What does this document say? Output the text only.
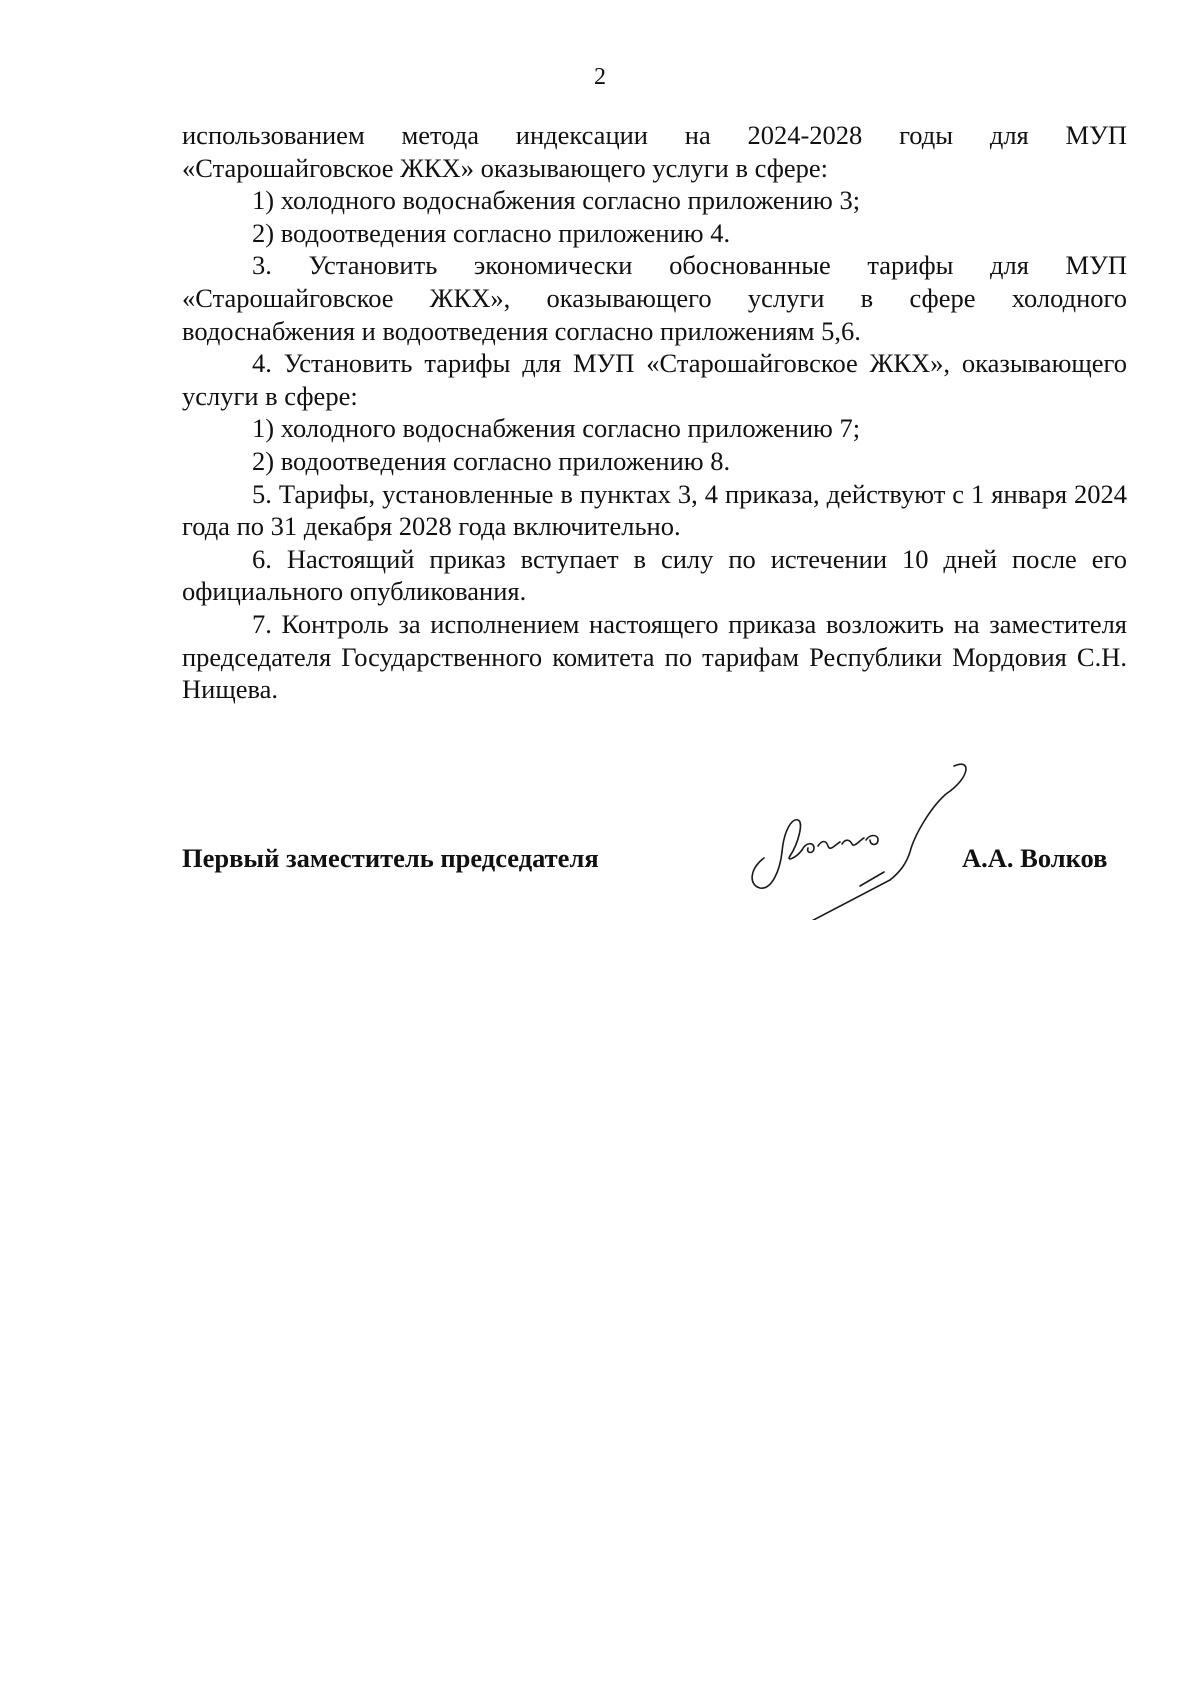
2

использованием метода индексации на 2024-2028 годы для МУП «Старошайговское ЖКХ» оказывающего услуги в сфере:

1) холодного водоснабжения согласно приложению 3;

2) водоотведения согласно приложению 4.

3. Установить экономически обоснованные тарифы для МУП «Старошайговское ЖКХ», оказывающего услуги в сфере холодного водоснабжения и водоотведения согласно приложениям 5,6.

4. Установить тарифы для МУП «Старошайговское ЖКХ», оказывающего услуги в сфере:

1) холодного водоснабжения согласно приложению 7;

2) водоотведения согласно приложению 8.

5. Тарифы, установленные в пунктах 3, 4 приказа, действуют с 1 января 2024 года по 31 декабря 2028 года включительно.

6. Настоящий приказ вступает в силу по истечении 10 дней после его официального опубликования.

7. Контроль за исполнением настоящего приказа возложить на заместителя председателя Государственного комитета по тарифам Республики Мордовия С.Н. Нищева.

Первый заместитель председателя	А.А. Волков
